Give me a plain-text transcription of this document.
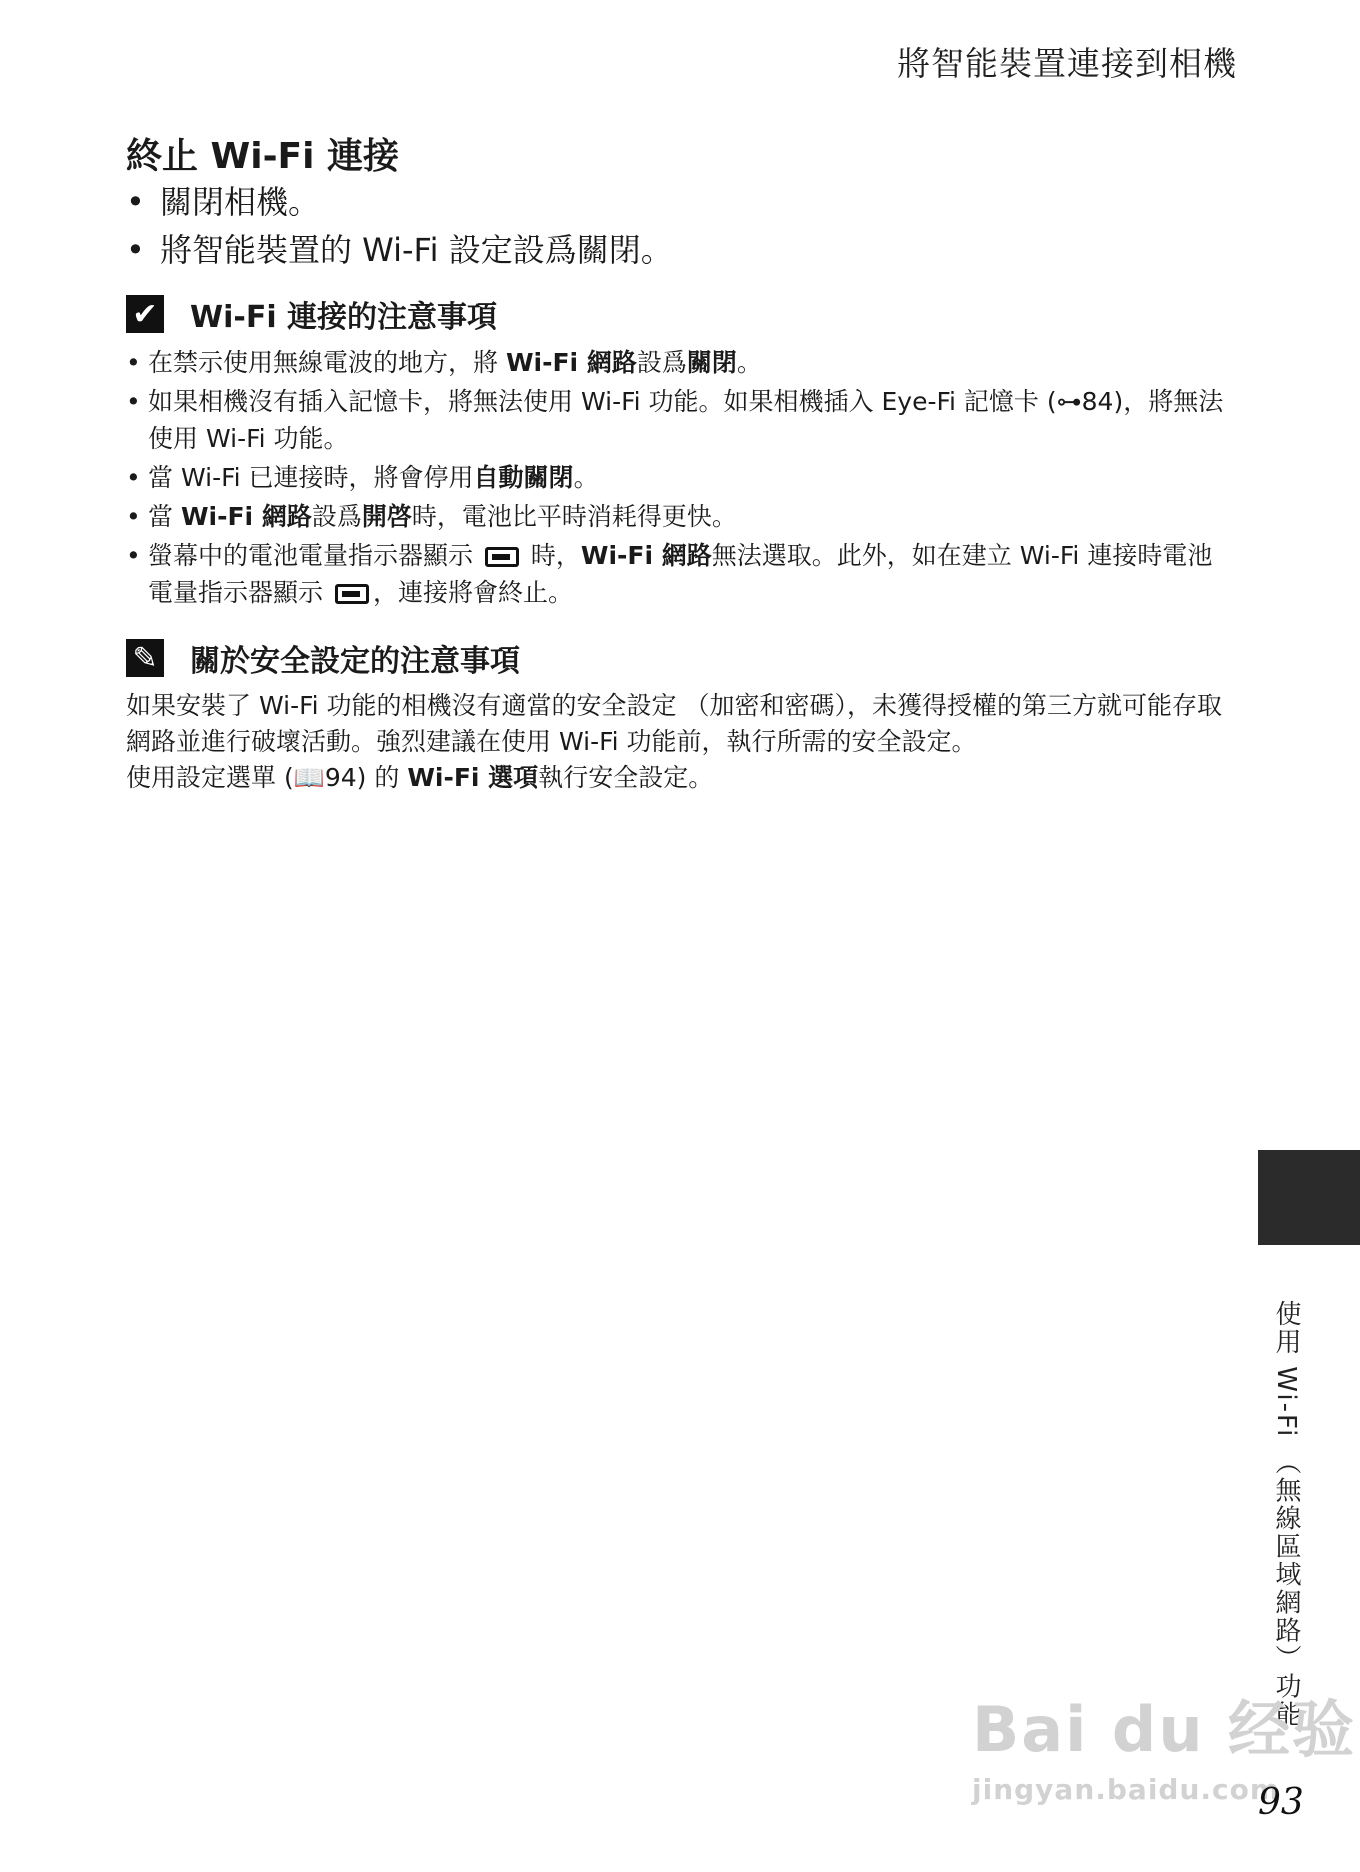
將智能裝置連接到相機
終止 Wi-Fi 連接
• 關閉相機。
• 將智能裝置的 Wi-Fi 設定設爲關閉。
✔ Wi-Fi 連接的注意事項
• 在禁示使用無線電波的地方，將 Wi-Fi 網路設爲關閉。
• 如果相機沒有插入記憶卡，將無法使用 Wi-Fi 功能。如果相機插入 Eye-Fi 記憶卡 (⊶84)，將無法使用 Wi-Fi 功能。
• 當 Wi-Fi 已連接時，將會停用自動關閉。
• 當 Wi-Fi 網路設爲開啓時，電池比平時消耗得更快。
• 螢幕中的電池電量指示器顯示  時，Wi-Fi 網路無法選取。此外，如在建立 Wi-Fi 連接時電池電量指示器顯示 ，連接將會終止。
✎ 關於安全設定的注意事項
如果安裝了 Wi-Fi 功能的相機沒有適當的安全設定 （加密和密碼），未獲得授權的第三方就可能存取網路並進行破壞活動。強烈建議在使用 Wi-Fi 功能前，執行所需的安全設定。
使用設定選單 (📖94) 的 Wi-Fi 選項執行安全設定。
使用 Wi-Fi （無線區域網路）功能
Bai du 经验
jingyan.baidu.com
93
